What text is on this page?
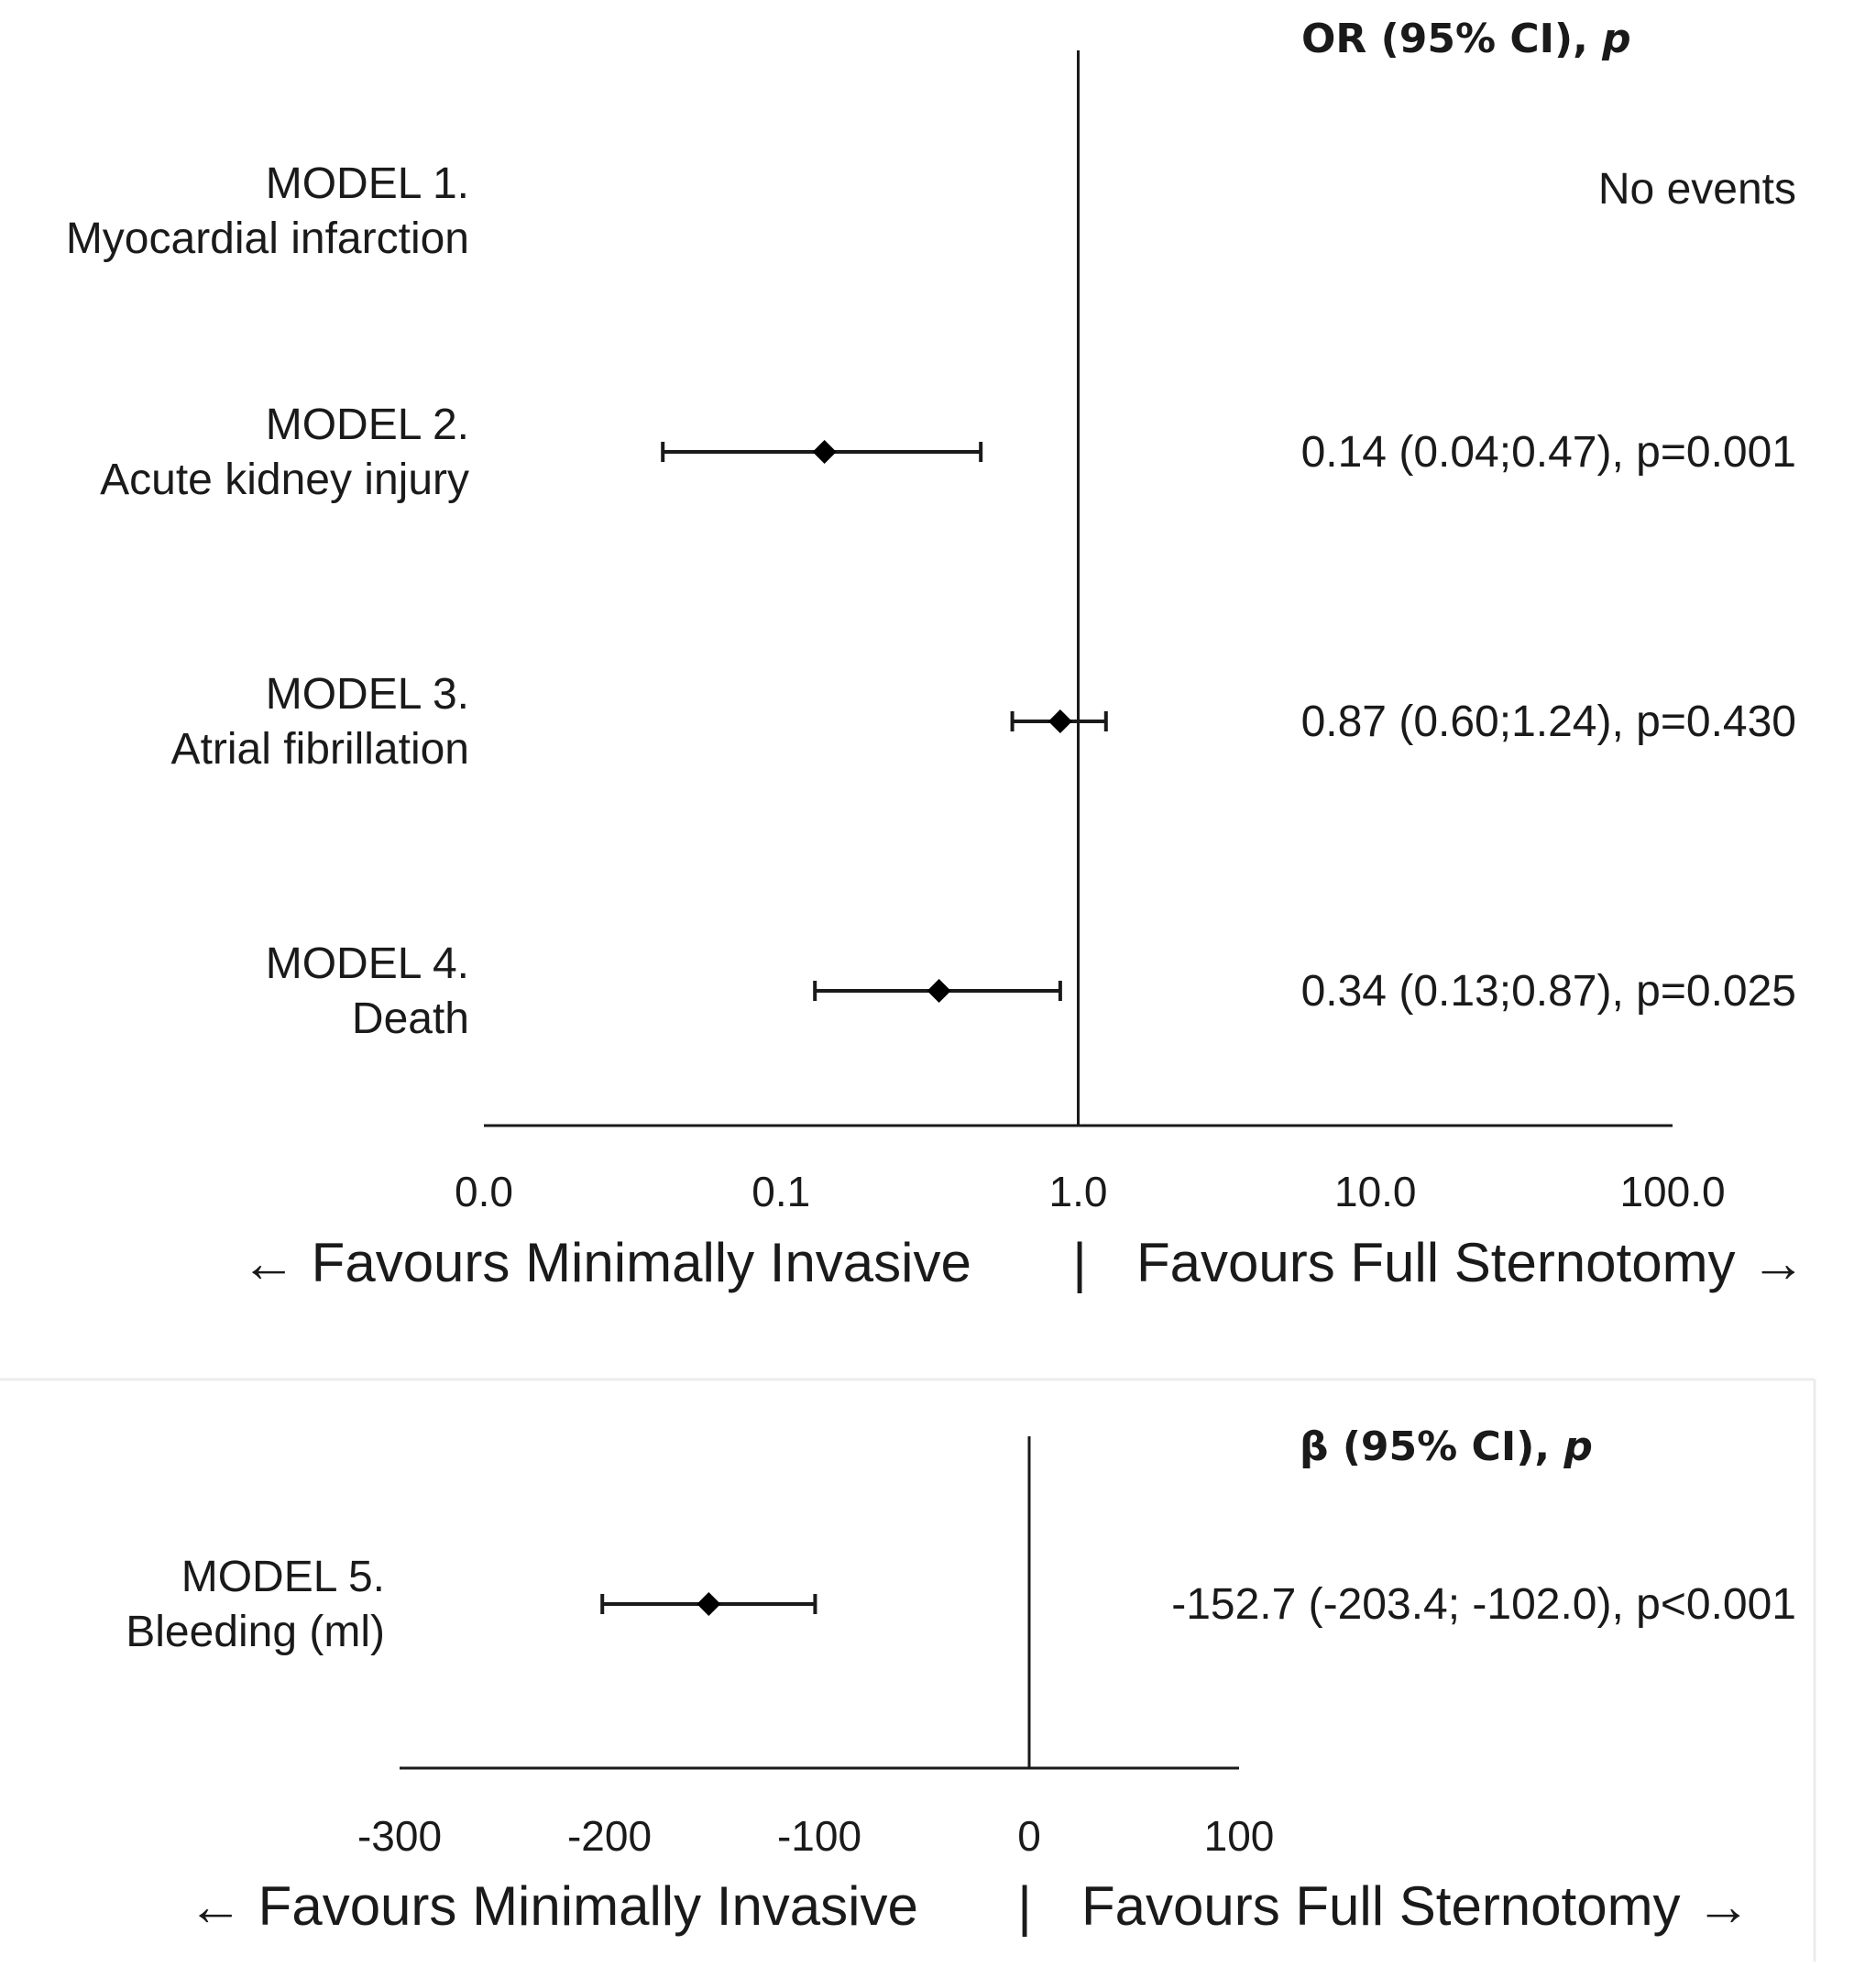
OR (95% CI), p
MODEL 1.
Myocardial infarction
No events
MODEL 2.
Acute kidney injury
0.14 (0.04;0.47), p=0.001
MODEL 3.
Atrial fibrillation
0.87 (0.60;1.24), p=0.430
MODEL 4.
Death
0.34 (0.13;0.87), p=0.025
0.0	0.1	1.0	10.0	100.0
← Favours Minimally Invasive | Favours Full Sternotomy →
β (95% CI), p
MODEL 5.
Bleeding (ml)
-152.7 (-203.4; -102.0), p<0.001
-300	-200	-100	0	100
← Favours Minimally Invasive | Favours Full Sternotomy →
